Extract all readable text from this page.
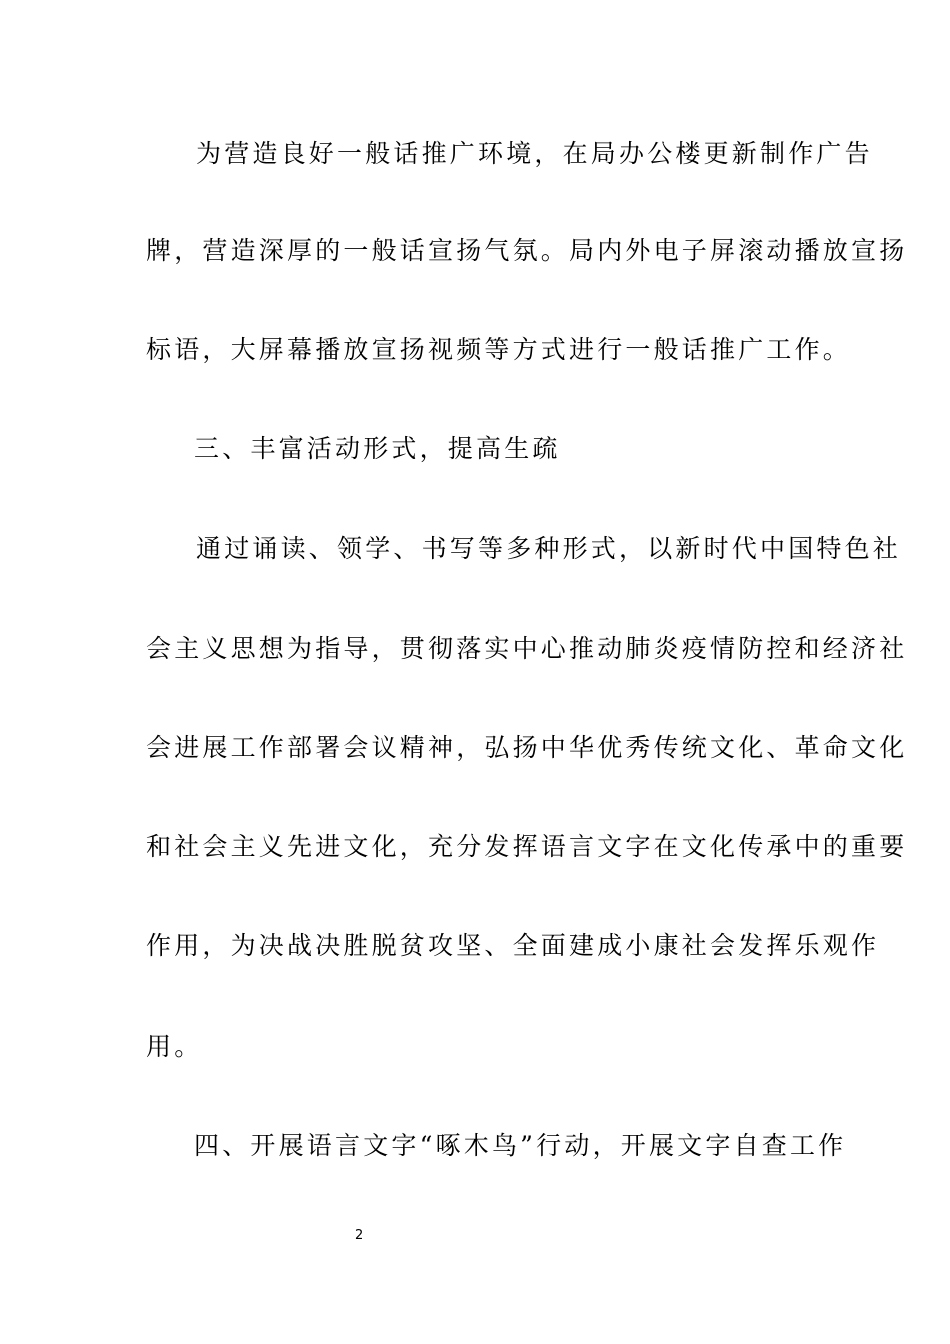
为营造良好一般话推广环境，在局办公楼更新制作广告
牌，营造深厚的一般话宣扬气氛。局内外电子屏滚动播放宣扬
标语，大屏幕播放宣扬视频等方式进行一般话推广工作。
三、丰富活动形式，提高生疏
通过诵读、领学、书写等多种形式，以新时代中国特色社
会主义思想为指导，贯彻落实中心推动肺炎疫情防控和经济社
会进展工作部署会议精神，弘扬中华优秀传统文化、革命文化
和社会主义先进文化，充分发挥语言文字在文化传承中的重要
作用，为决战决胜脱贫攻坚、全面建成小康社会发挥乐观作
用。
四、开展语言文字“啄木鸟”行动，开展文字自查工作
2
